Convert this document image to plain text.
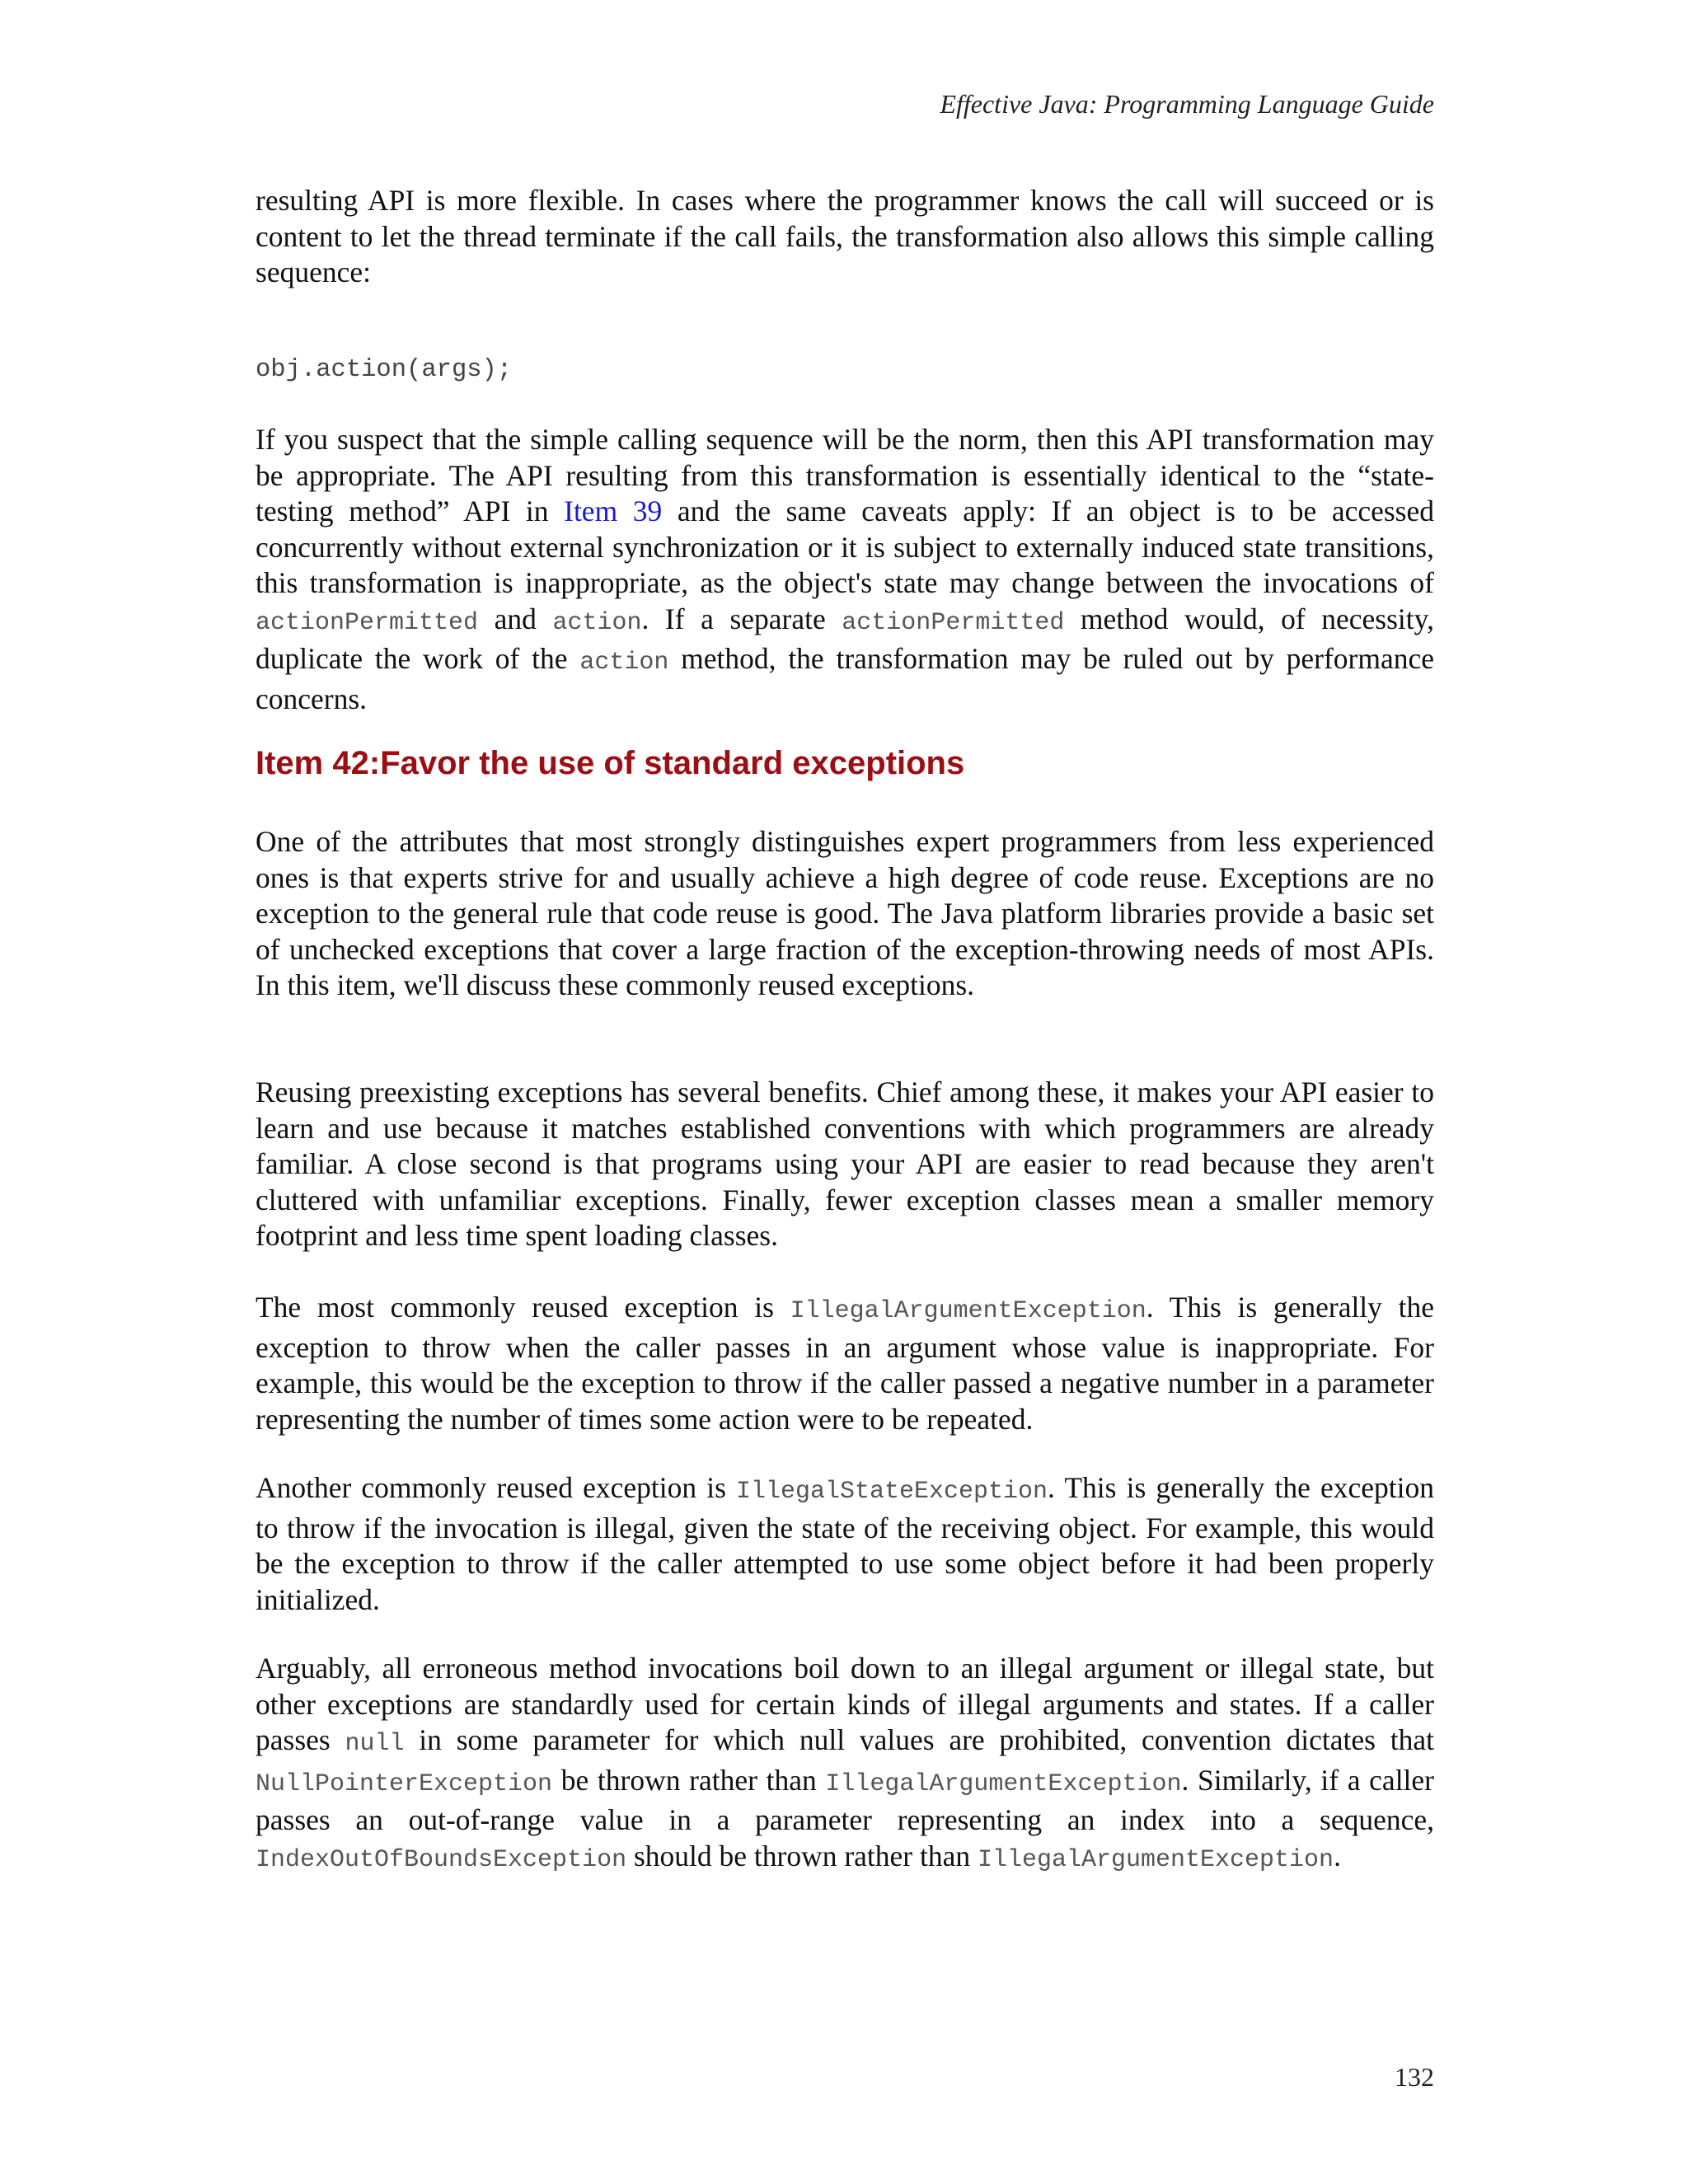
Effective Java: Programming Language Guide

resulting API is more flexible. In cases where the programmer knows the call will succeed or is content to let the thread terminate if the call fails, the transformation also allows this simple calling sequence:

obj.action(args);

If you suspect that the simple calling sequence will be the norm, then this API transformation may be appropriate. The API resulting from this transformation is essentially identical to the “state-testing method” API in Item 39 and the same caveats apply: If an object is to be accessed concurrently without external synchronization or it is subject to externally induced state transitions, this transformation is inappropriate, as the object's state may change between the invocations of actionPermitted and action. If a separate actionPermitted method would, of necessity, duplicate the work of the action method, the transformation may be ruled out by performance concerns.

Item 42:Favor the use of standard exceptions

One of the attributes that most strongly distinguishes expert programmers from less experienced ones is that experts strive for and usually achieve a high degree of code reuse. Exceptions are no exception to the general rule that code reuse is good. The Java platform libraries provide a basic set of unchecked exceptions that cover a large fraction of the exception-throwing needs of most APIs. In this item, we'll discuss these commonly reused exceptions.

Reusing preexisting exceptions has several benefits. Chief among these, it makes your API easier to learn and use because it matches established conventions with which programmers are already familiar. A close second is that programs using your API are easier to read because they aren't cluttered with unfamiliar exceptions. Finally, fewer exception classes mean a smaller memory footprint and less time spent loading classes.

The most commonly reused exception is IllegalArgumentException. This is generally the exception to throw when the caller passes in an argument whose value is inappropriate. For example, this would be the exception to throw if the caller passed a negative number in a parameter representing the number of times some action were to be repeated.

Another commonly reused exception is IllegalStateException. This is generally the exception to throw if the invocation is illegal, given the state of the receiving object. For example, this would be the exception to throw if the caller attempted to use some object before it had been properly initialized.

Arguably, all erroneous method invocations boil down to an illegal argument or illegal state, but other exceptions are standardly used for certain kinds of illegal arguments and states. If a caller passes null in some parameter for which null values are prohibited, convention dictates that NullPointerException be thrown rather than IllegalArgumentException. Similarly, if a caller passes an out-of-range value in a parameter representing an index into a sequence, IndexOutOfBoundsException should be thrown rather than IllegalArgumentException.

132
